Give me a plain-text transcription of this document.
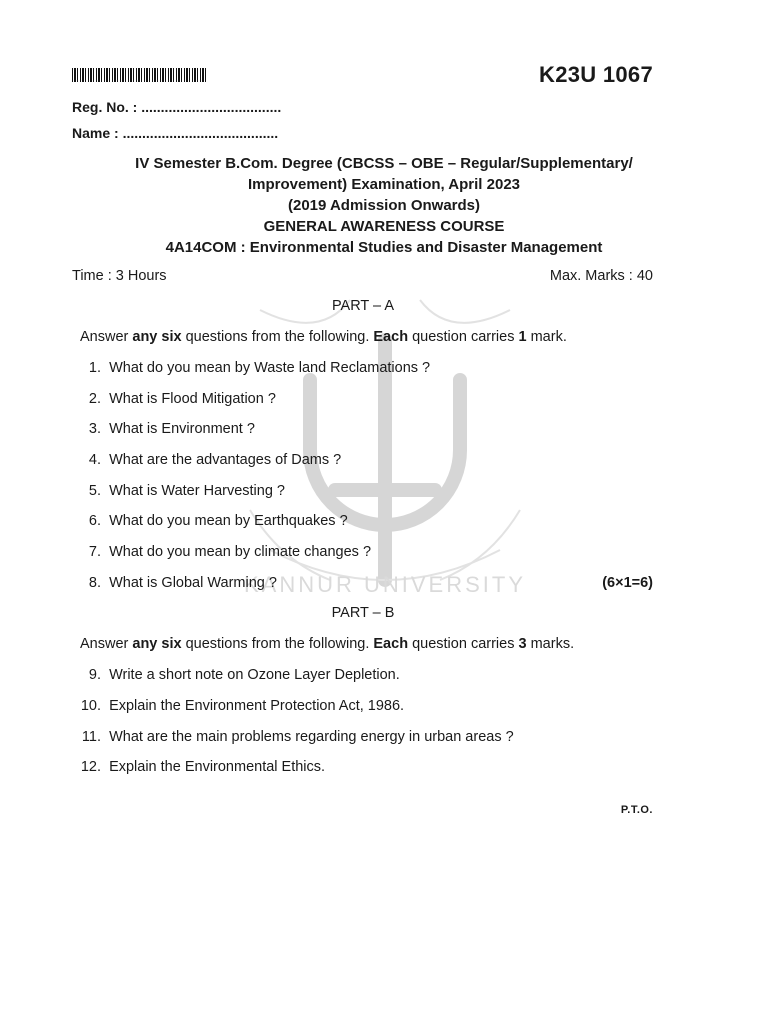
KANNUR UNIVERSITY
K23U 1067
Reg. No. : ....................................
Name : ........................................
IV Semester B.Com. Degree (CBCSS – OBE – Regular/Supplementary/
Improvement) Examination, April 2023
(2019 Admission Onwards)
GENERAL AWARENESS COURSE
4A14COM : Environmental Studies and Disaster Management
Time : 3 Hours	Max. Marks : 40
PART – A
Answer any six questions from the following. Each question carries 1 mark.
1.
What do you mean by Waste land Reclamations ?
2.
What is Flood Mitigation ?
3.
What is Environment ?
4.
What are the advantages of Dams ?
5.
What is Water Harvesting ?
6.
What do you mean by Earthquakes ?
7.
What do you mean by climate changes ?
8.
What is Global Warming ?	(6×1=6)
PART – B
Answer any six questions from the following. Each question carries 3 marks.
9.
Write a short note on Ozone Layer Depletion.
10.
Explain the Environment Protection Act, 1986.
11.
What are the main problems regarding energy in urban areas ?
12.
Explain the Environmental Ethics.
P.T.O.
